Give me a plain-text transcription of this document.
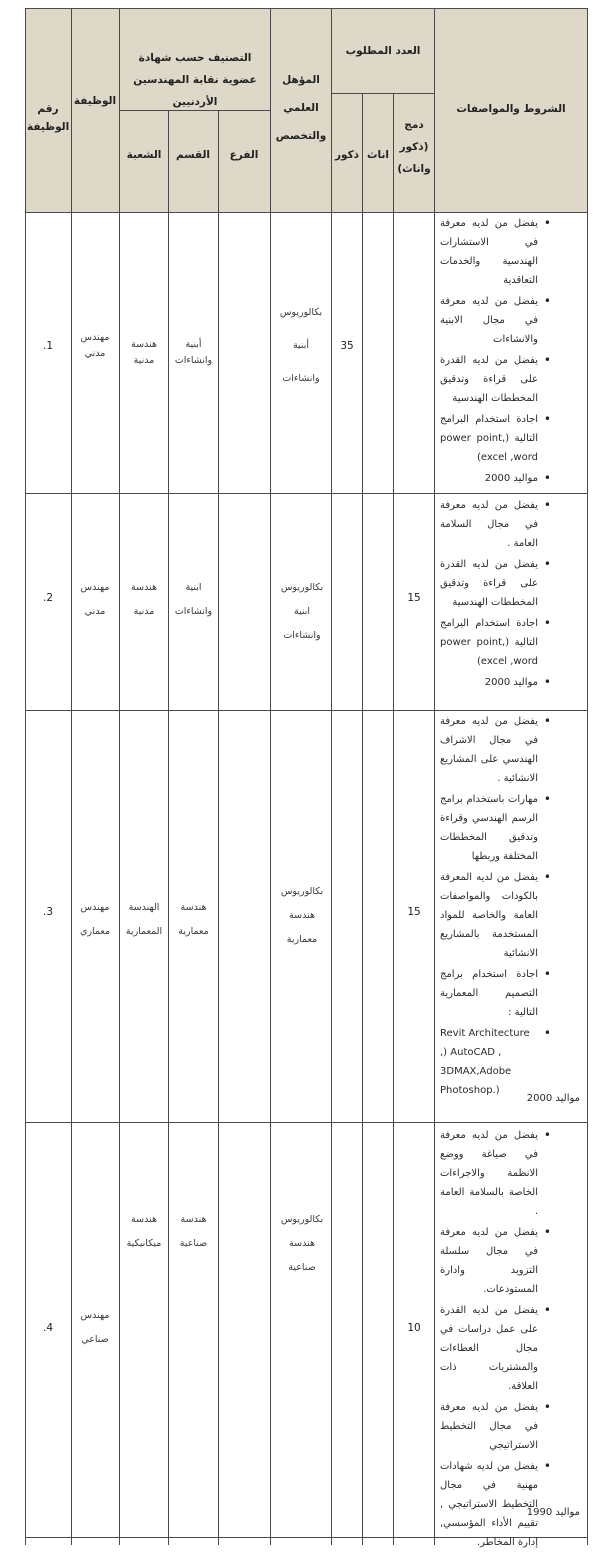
رقم الوظيفة
الوظيفة
التصنيف حسب شهادة عضوية نقابة المهندسين الأردنيين
الفرع
القسم
الشعبة
المؤهل العلمي والتخصص
العدد المطلوب
ذكور اناث
دمج (ذكور واناث)
الشروط والمواصفات
.1
مهندس مدني
هندسة مدنية
أبنية وانشاءات
بكالوريوس أبنية وانشاءات
35
• يفضل من لديه معرفة في الاستشارات الهندسية والخدمات التعاقدية
• يفضل من لديه معرفة في مجال الابنية والانشاءات
• يفضل من لديه القدرة على قراءة وتدقيق المخططات الهندسية
• اجادة استخدام البرامج التالية (power point, excel ,word)
• مواليد 2000
.2
مهندس مدني
هندسة مدنية
ابنية وانشاءات
بكالوريوس ابنية وانشاءات
15
• يفضل من لديه معرفة في مجال السلامة العامة .
• يفضل من لديه القدرة على قراءة وتدقيق المخططات الهندسية
• اجادة استخدام البرامج التالية (power point, excel ,word)
• مواليد 2000
.3	مهندس معماري
الهندسة المعمارية
هندسة معمارية
بكالوريوس هندسة معمارية
15
• يفضل من لديه معرفة في مجال الاشراف الهندسي على المشاريع الانشائية .
• مهارات باستخدام برامج الرسم الهندسي وقراءة وتدقيق المخططات المختلفة وربطها
• يفضل من لديه المعرفة بالكودات والمواصفات العامة والخاصة للمواد المستخدمة بالمشاريع الانشائية
• اجادة استخدام برامج التصميم المعمارية التالية :
• Revit Architecture ,) AutoCAD , 3DMAX,Adobe Photoshop.)
مواليد 2000
.4
مهندس صناعي
هندسة ميكانيكية
هندسة صناعية
بكالوريوس هندسة صناعية
10
• يفضل من لديه معرفة في صياغة ووضع الانظمة والاجراءات الخاصة بالسلامة العامة .
• يفضل من لديه معرفة في مجال سلسلة التزويد وادارة المستودعات.
• يفضل من لديه القدرة على عمل دراسات في مجال العطاءات والمشتريات ذات العلاقة.
• يفضل من لديه معرفة في مجال التخطيط الاستراتيجي
• يفضل من لديه شهادات مهنية في مجال التخطيط الاستراتيجي , تقييم الأداء المؤسسي, إدارة المخاطر.
مواليد 1990
